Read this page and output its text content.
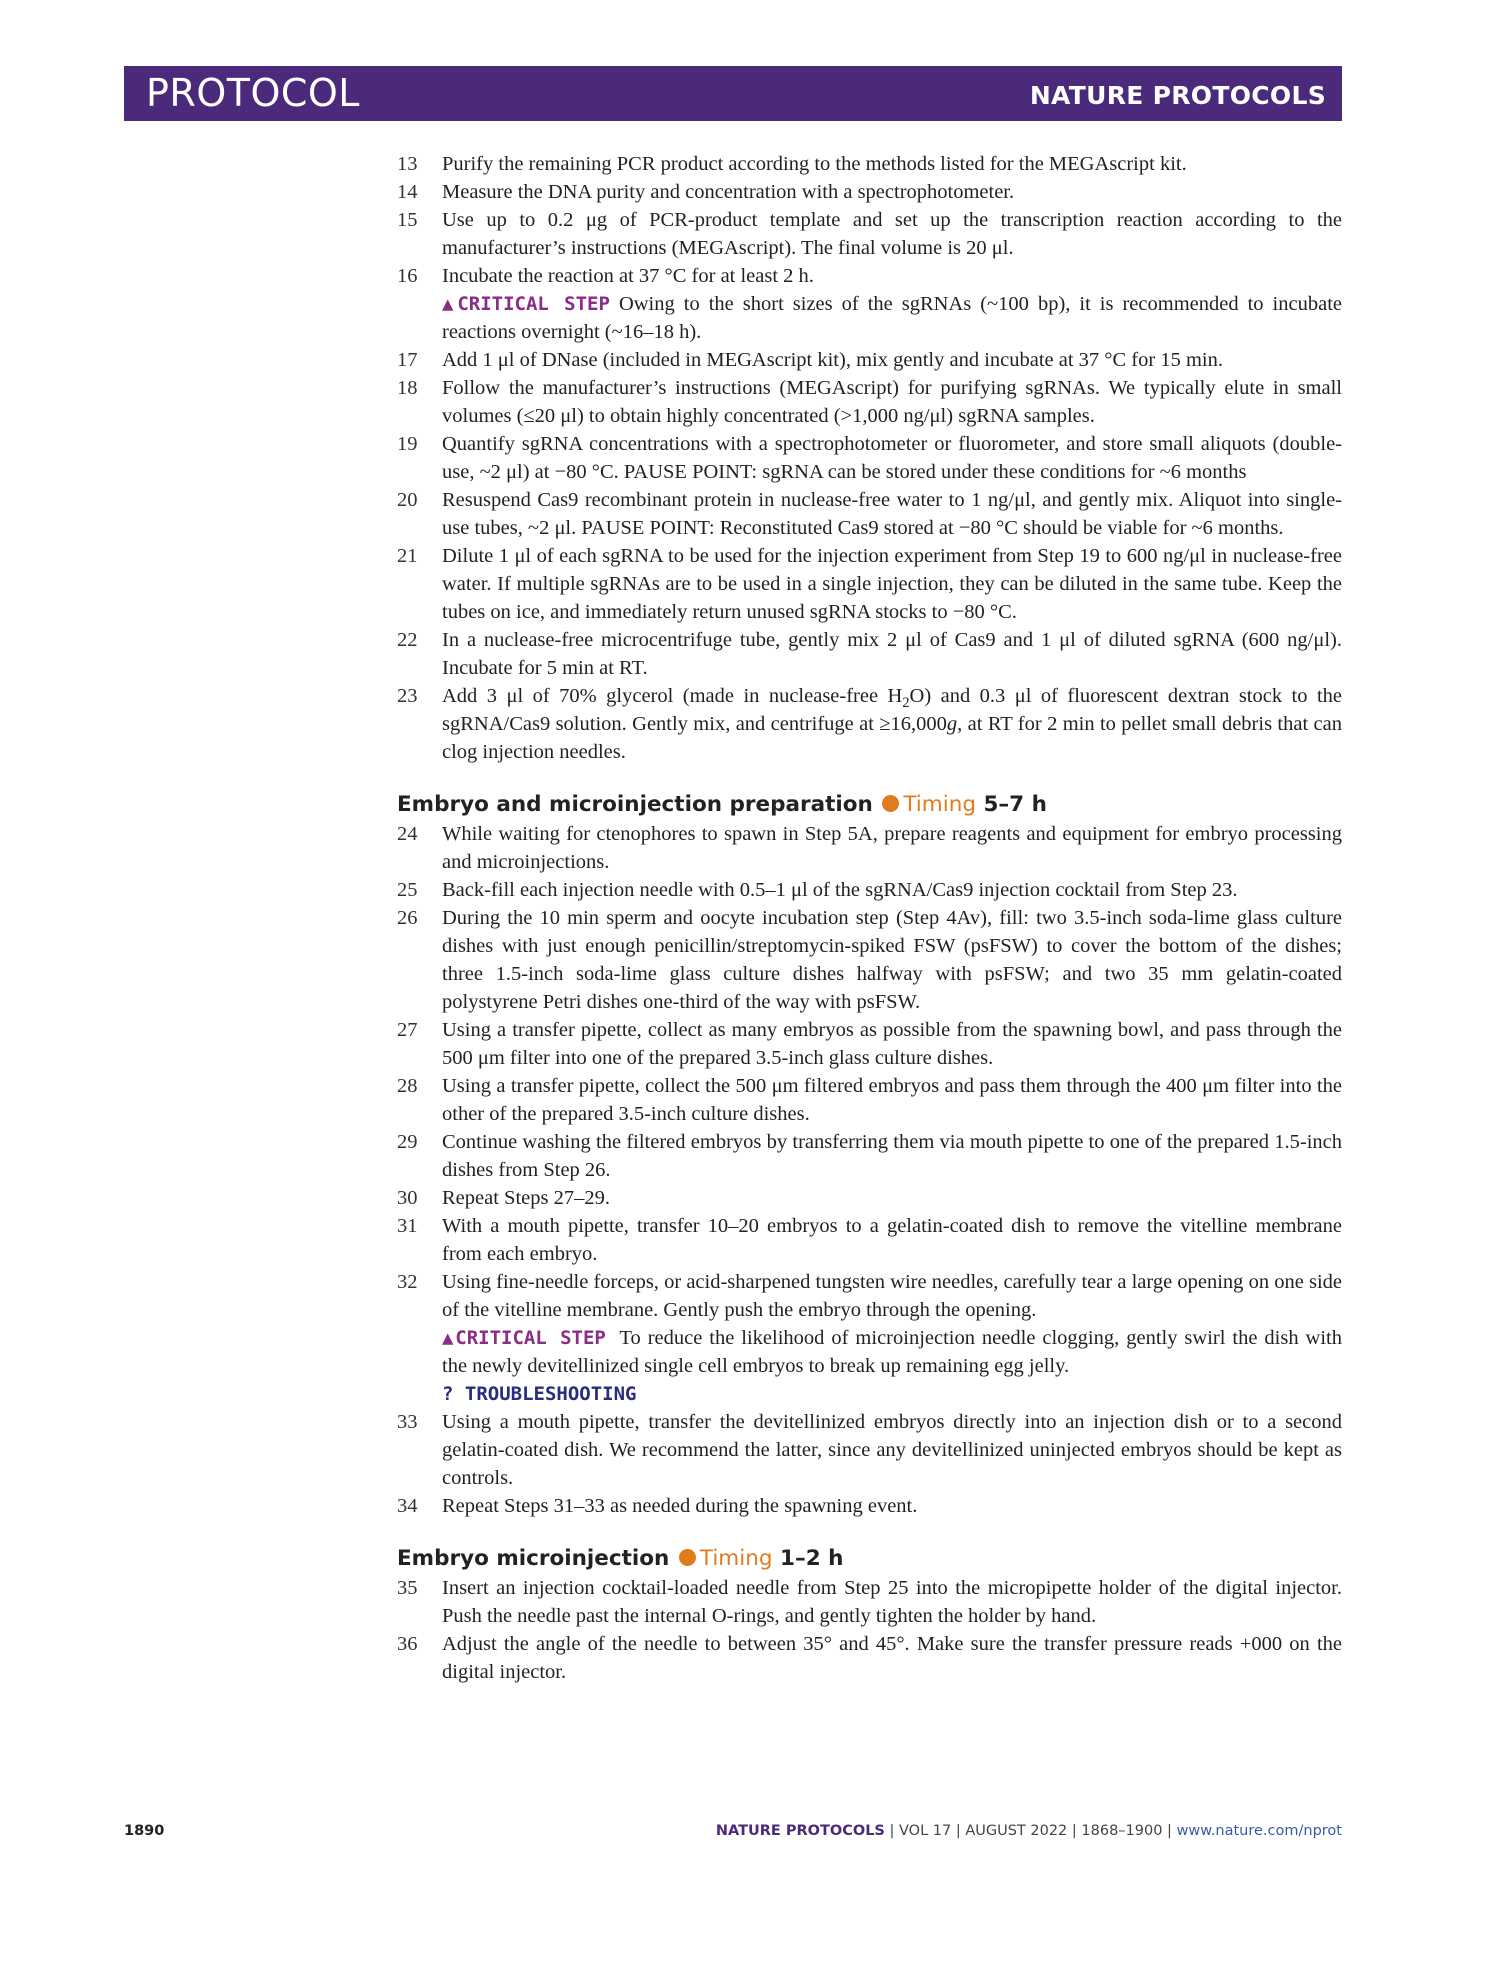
PROTOCOL	NATURE PROTOCOLS

13 Purify the remaining PCR product according to the methods listed for the MEGAscript kit.

14 Measure the DNA purity and concentration with a spectrophotometer.

15 Use up to 0.2 μg of PCR-product template and set up the transcription reaction according to the manufacturer’s instructions (MEGAscript). The final volume is 20 μl.

16 Incubate the reaction at 37 °C for at least 2 h.

▲CRITICAL STEP Owing to the short sizes of the sgRNAs (~100 bp), it is recommended to incubate reactions overnight (~16–18 h).

17 Add 1 μl of DNase (included in MEGAscript kit), mix gently and incubate at 37 °C for 15 min.

18 Follow the manufacturer’s instructions (MEGAscript) for purifying sgRNAs. We typically elute in small volumes (≤20 μl) to obtain highly concentrated (>1,000 ng/μl) sgRNA samples.

19 Quantify sgRNA concentrations with a spectrophotometer or fluorometer, and store small aliquots (double-use, ~2 μl) at −80 °C. PAUSE POINT: sgRNA can be stored under these conditions for ~6 months

20 Resuspend Cas9 recombinant protein in nuclease-free water to 1 ng/μl, and gently mix. Aliquot into single-use tubes, ~2 μl. PAUSE POINT: Reconstituted Cas9 stored at −80 °C should be viable for ~6 months.

21 Dilute 1 μl of each sgRNA to be used for the injection experiment from Step 19 to 600 ng/μl in nuclease-free water. If multiple sgRNAs are to be used in a single injection, they can be diluted in the same tube. Keep the tubes on ice, and immediately return unused sgRNA stocks to −80 °C.

22 In a nuclease-free microcentrifuge tube, gently mix 2 μl of Cas9 and 1 μl of diluted sgRNA (600 ng/μl). Incubate for 5 min at RT.

23 Add 3 μl of 70% glycerol (made in nuclease-free $H_2O$) and 0.3 μl of fluorescent dextran stock to the sgRNA/Cas9 solution. Gently mix, and centrifuge at ≥16,000g, at RT for 2 min to pellet small debris that can clog injection needles.

Embryo and microinjection preparation Timing 5–7 h

24 While waiting for ctenophores to spawn in Step 5A, prepare reagents and equipment for embryo processing and microinjections.

25 Back-fill each injection needle with 0.5–1 μl of the sgRNA/Cas9 injection cocktail from Step 23.

26 During the 10 min sperm and oocyte incubation step (Step 4Av), fill: two 3.5-inch soda-lime glass culture dishes with just enough penicillin/streptomycin-spiked FSW (psFSW) to cover the bottom of the dishes; three 1.5-inch soda-lime glass culture dishes halfway with psFSW; and two 35 mm gelatin-coated polystyrene Petri dishes one-third of the way with psFSW.

27 Using a transfer pipette, collect as many embryos as possible from the spawning bowl, and pass through the 500 μm filter into one of the prepared 3.5-inch glass culture dishes.

28 Using a transfer pipette, collect the 500 μm filtered embryos and pass them through the 400 μm filter into the other of the prepared 3.5-inch culture dishes.

29 Continue washing the filtered embryos by transferring them via mouth pipette to one of the prepared 1.5-inch dishes from Step 26.

30 Repeat Steps 27–29.

31 With a mouth pipette, transfer 10–20 embryos to a gelatin-coated dish to remove the vitelline membrane from each embryo.

32 Using fine-needle forceps, or acid-sharpened tungsten wire needles, carefully tear a large opening on one side of the vitelline membrane. Gently push the embryo through the opening.

▲CRITICAL STEP To reduce the likelihood of microinjection needle clogging, gently swirl the dish with the newly devitellinized single cell embryos to break up remaining egg jelly.

? TROUBLESHOOTING

33 Using a mouth pipette, transfer the devitellinized embryos directly into an injection dish or to a second gelatin-coated dish. We recommend the latter, since any devitellinized uninjected embryos should be kept as controls.

34 Repeat Steps 31–33 as needed during the spawning event.

Embryo microinjection Timing 1–2 h

35 Insert an injection cocktail-loaded needle from Step 25 into the micropipette holder of the digital injector. Push the needle past the internal O-rings, and gently tighten the holder by hand.

36 Adjust the angle of the needle to between 35° and 45°. Make sure the transfer pressure reads +000 on the digital injector.

1890	NATURE PROTOCOLS | VOL 17 | AUGUST 2022 | 1868–1900 | www.nature.com/nprot
